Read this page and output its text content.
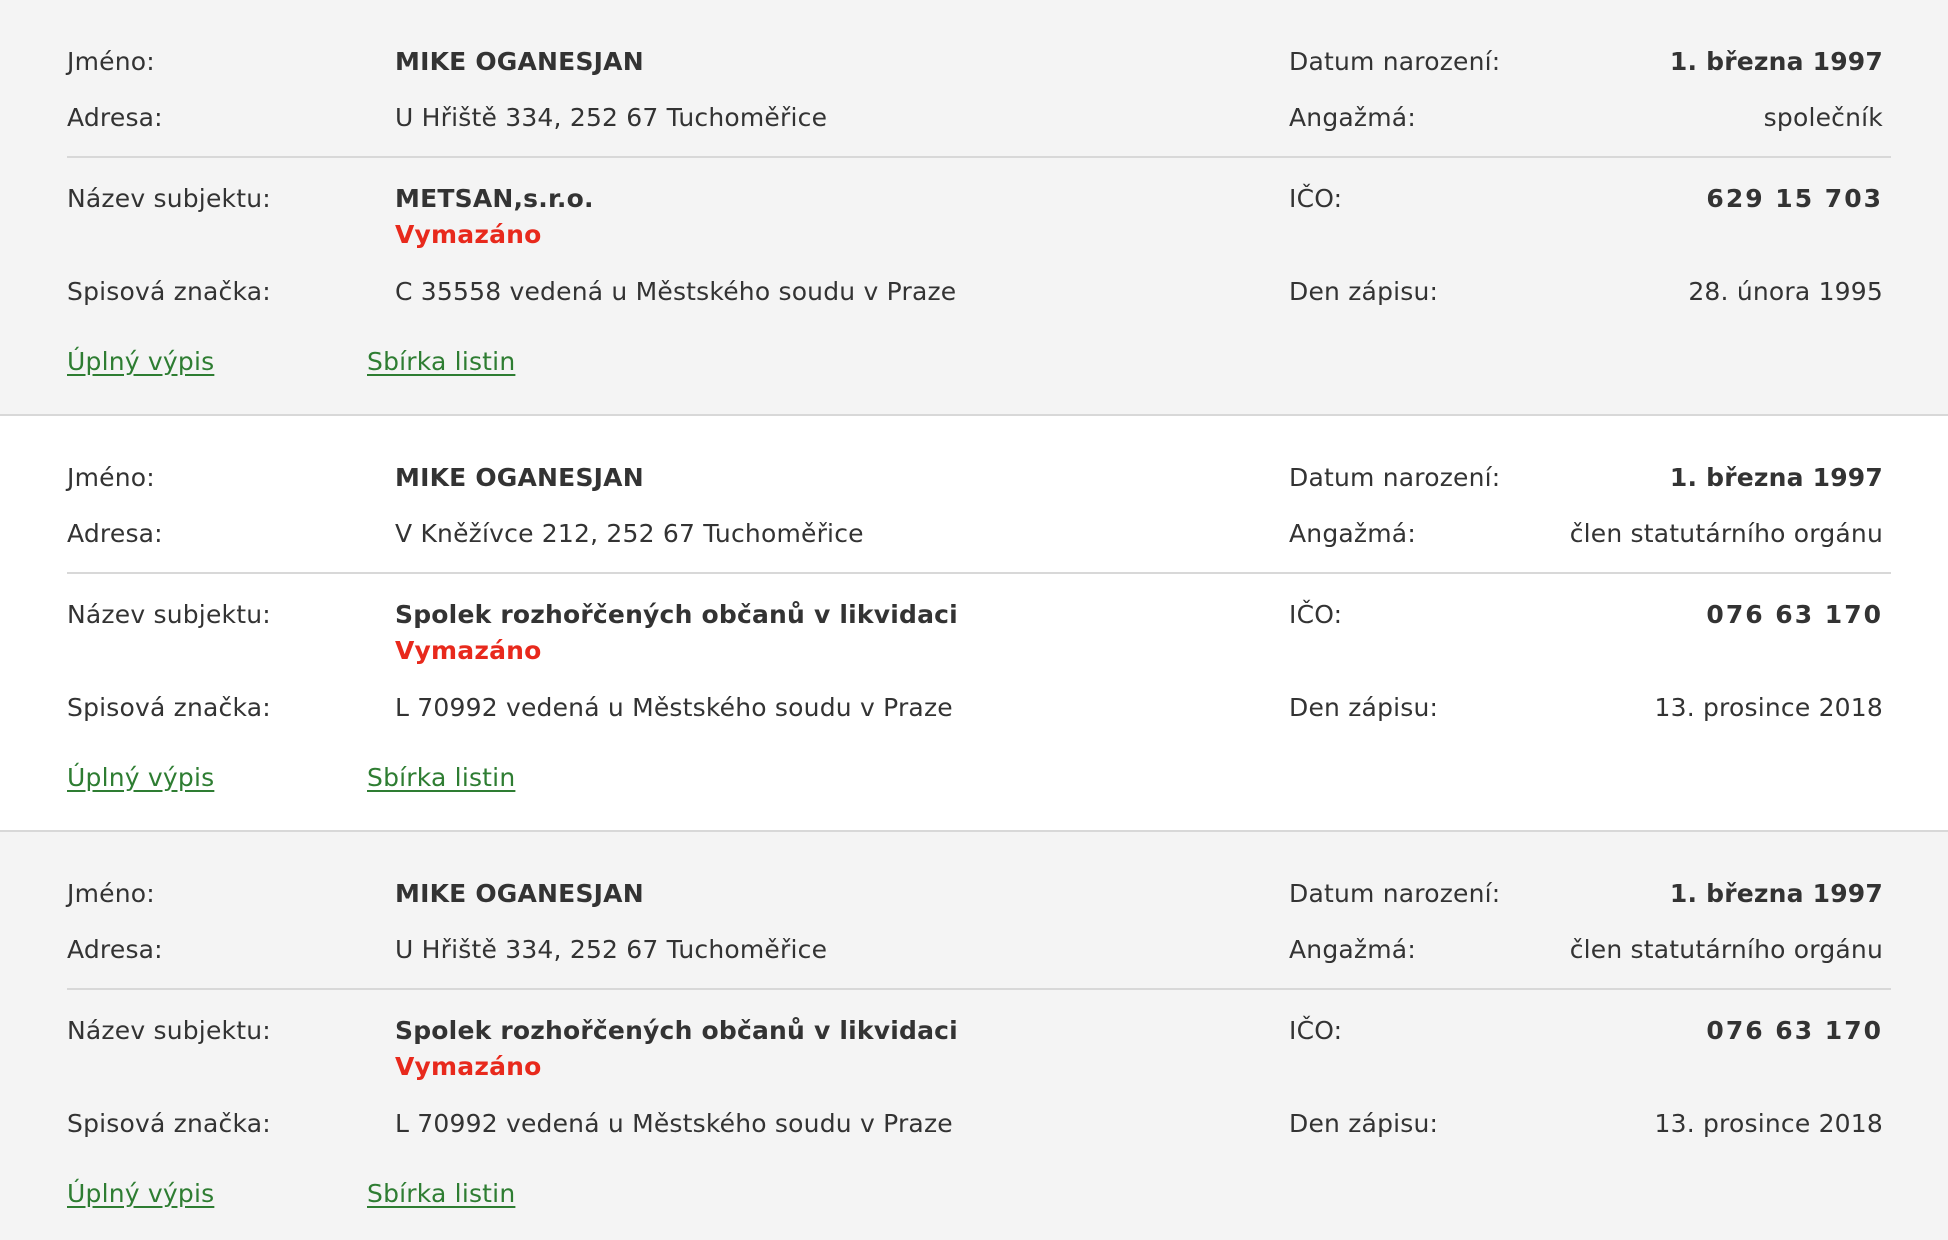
Jméno:	MIKE OGANESJAN	Datum narození:	1. března 1997
Adresa:	U Hřiště 334, 252 67 Tuchoměřice	Angažmá:	společník
Název subjektu:	METSAN,s.r.o.
Vymazáno
IČO:	629 15 703
Spisová značka:	C 35558 vedená u Městského soudu v Praze	Den zápisu:	28. února 1995
Úplný výpis	Sbírka listin
Jméno:	MIKE OGANESJAN	Datum narození:	1. března 1997
Adresa:	V Kněžívce 212, 252 67 Tuchoměřice	Angažmá:	člen statutárního orgánu
Název subjektu:	Spolek rozhořčených občanů v likvidaci
Vymazáno
IČO:	076 63 170
Spisová značka:	L 70992 vedená u Městského soudu v Praze	Den zápisu:	13. prosince 2018
Úplný výpis	Sbírka listin
Jméno:	MIKE OGANESJAN	Datum narození:	1. března 1997
Adresa:	U Hřiště 334, 252 67 Tuchoměřice	Angažmá:	člen statutárního orgánu
Název subjektu:	Spolek rozhořčených občanů v likvidaci
Vymazáno
IČO:	076 63 170
Spisová značka:	L 70992 vedená u Městského soudu v Praze	Den zápisu:	13. prosince 2018
Úplný výpis	Sbírka listin
